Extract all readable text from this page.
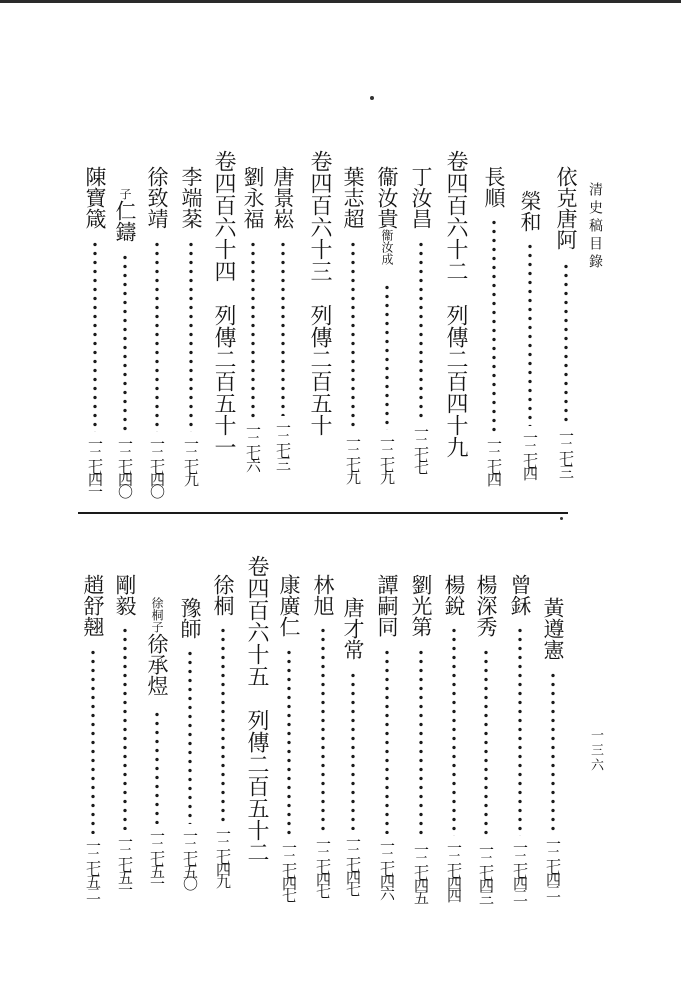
清史稿目錄
一三六
依克唐阿
一二七三
榮和
一二七四
長順
一二七四
卷四百六十二　列傳二百四十九
丁汝昌
一二七七
衞汝貴衞汝成
一二七九
葉志超
一二七九
卷四百六十三　列傳二百五十
唐景崧
一二七三
劉永福
一二七六
卷四百六十四　列傳二百五十一
李端棻
一二七九
徐致靖
一二七四〇
子仁鑄
一二七四〇
陳寶箴
一二七四一
黃遵憲
一二七四二
曾鉌
一二七四二
楊深秀
一二七四三
楊銳
一二七四四
劉光第
一二七四五
譚嗣同
一二七四六
唐才常
一二七四七
林旭
一二七四七
康廣仁
一二七四七
卷四百六十五　列傳二百五十二
徐桐
一二七四九
豫師
一二七五〇
徐桐子徐承煜
一二七五一
剛毅
一二七五一
趙舒翹
一二七五二
